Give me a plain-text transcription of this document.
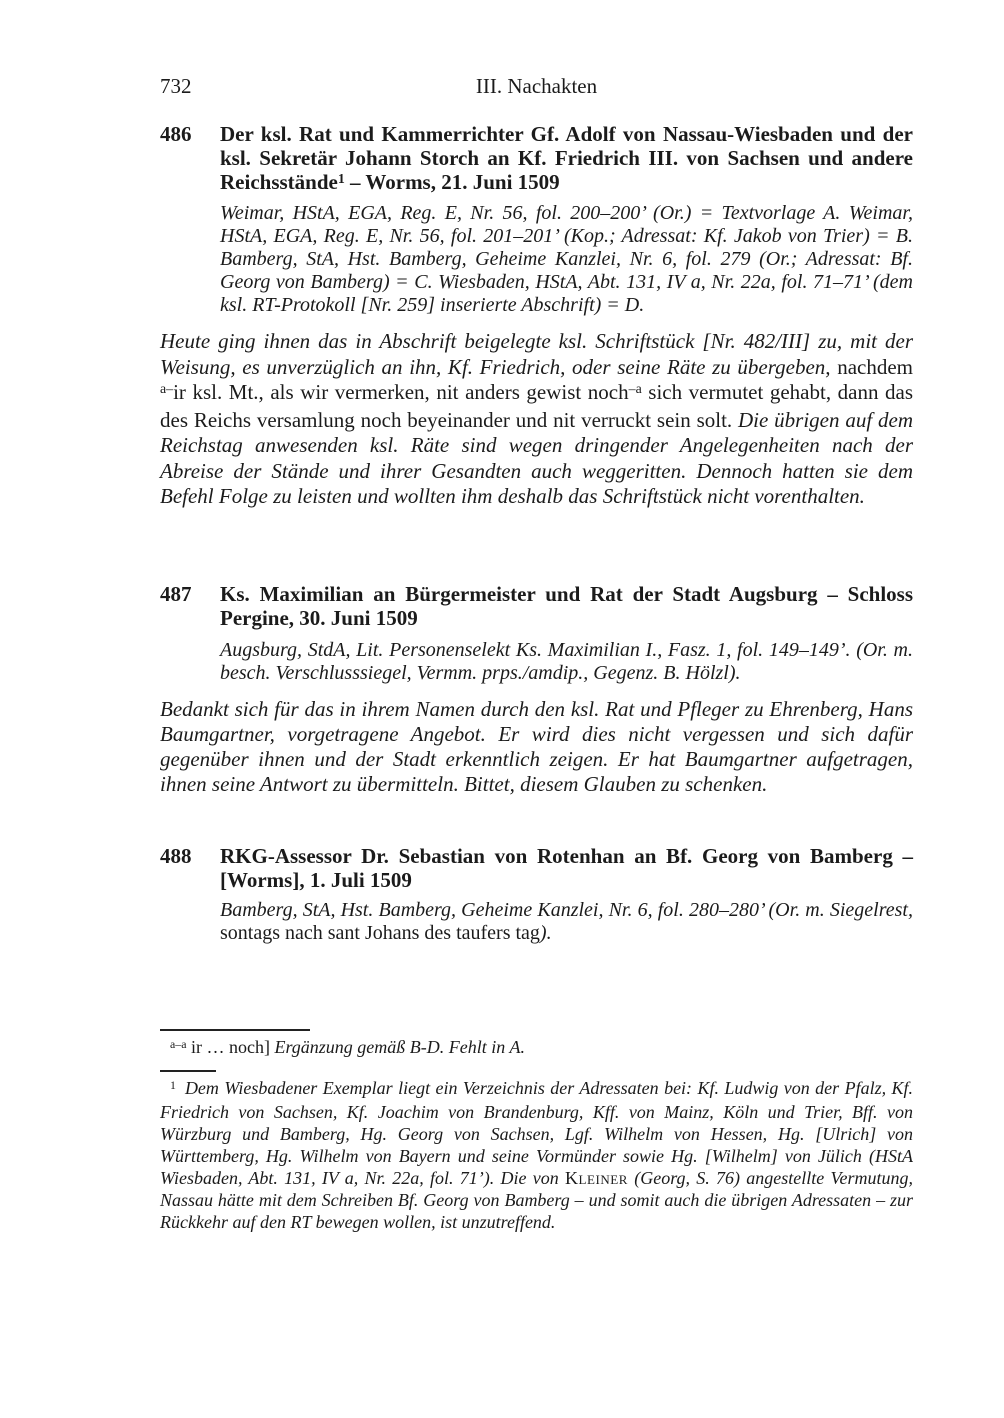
732	III. Nachakten
486 Der ksl. Rat und Kammerrichter Gf. Adolf von Nassau-Wiesbaden und der ksl. Sekretär Johann Storch an Kf. Friedrich III. von Sachsen und andere Reichsstände$^1$ – Worms, 21. Juni 1509
Weimar, HStA, EGA, Reg. E, Nr. 56, fol. 200–200’ (Or.) = Textvorlage A. Weimar, HStA, EGA, Reg. E, Nr. 56, fol. 201–201’ (Kop.; Adressat: Kf. Jakob von Trier) = B. Bamberg, StA, Hst. Bamberg, Geheime Kanzlei, Nr. 6, fol. 279 (Or.; Adressat: Bf. Georg von Bamberg) = C. Wiesbaden, HStA, Abt. 131, IV a, Nr. 22a, fol. 71–71’ (dem ksl. RT-Protokoll [Nr. 259] inserierte Abschrift) = D.
Heute ging ihnen das in Abschrift beigelegte ksl. Schriftstück [Nr. 482/III] zu, mit der Weisung, es unverzüglich an ihn, Kf. Friedrich, oder seine Räte zu übergeben, nachdem $^{a-}$ir ksl. Mt., als wir vermerken, nit anders gewist noch$^{-a}$ sich vermutet gehabt, dann das des Reichs versamlung noch beyeinander und nit verruckt sein solt. Die übrigen auf dem Reichstag anwesenden ksl. Räte sind wegen dringender Angelegenheiten nach der Abreise der Stände und ihrer Gesandten auch weggeritten. Dennoch hatten sie dem Befehl Folge zu leisten und wollten ihm deshalb das Schriftstück nicht vorenthalten.
487 Ks. Maximilian an Bürgermeister und Rat der Stadt Augsburg – Schloss Pergine, 30. Juni 1509
Augsburg, StdA, Lit. Personenselekt Ks. Maximilian I., Fasz. 1, fol. 149–149’. (Or. m. besch. Verschlusssiegel, Vermm. prps./amdip., Gegenz. B. Hölzl).
Bedankt sich für das in ihrem Namen durch den ksl. Rat und Pfleger zu Ehrenberg, Hans Baumgartner, vorgetragene Angebot. Er wird dies nicht vergessen und sich dafür gegenüber ihnen und der Stadt erkenntlich zeigen. Er hat Baumgartner aufgetragen, ihnen seine Antwort zu übermitteln. Bittet, diesem Glauben zu schenken.
488 RKG-Assessor Dr. Sebastian von Rotenhan an Bf. Georg von Bamberg – [Worms], 1. Juli 1509
Bamberg, StA, Hst. Bamberg, Geheime Kanzlei, Nr. 6, fol. 280–280’ (Or. m. Siegelrest, sontags nach sant Johans des taufers tag).
$^{a-a}$ ir … noch] Ergänzung gemäß B-D. Fehlt in A.
$^1$ Dem Wiesbadener Exemplar liegt ein Verzeichnis der Adressaten bei: Kf. Ludwig von der Pfalz, Kf. Friedrich von Sachsen, Kf. Joachim von Brandenburg, Kff. von Mainz, Köln und Trier, Bff. von Würzburg und Bamberg, Hg. Georg von Sachsen, Lgf. Wilhelm von Hessen, Hg. [Ulrich] von Württemberg, Hg. Wilhelm von Bayern und seine Vormünder sowie Hg. [Wilhelm] von Jülich (HStA Wiesbaden, Abt. 131, IV a, Nr. 22a, fol. 71’). Die von Kleiner (Georg, S. 76) angestellte Vermutung, Nassau hätte mit dem Schreiben Bf. Georg von Bamberg – und somit auch die übrigen Adressaten – zur Rückkehr auf den RT bewegen wollen, ist unzutreffend.
